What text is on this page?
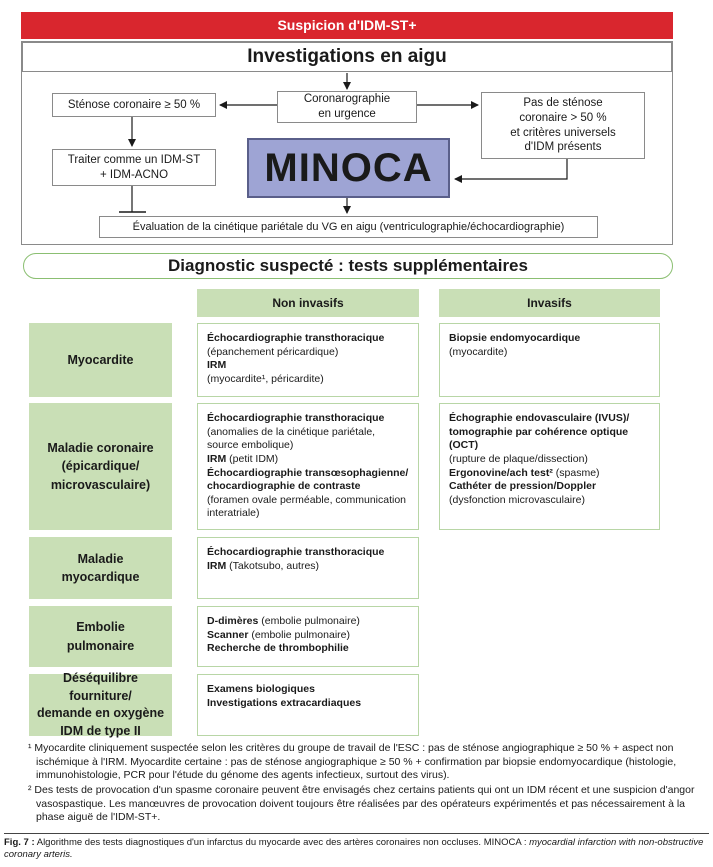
Suspicion d'IDM-ST+
Investigations en aigu
Sténose coronaire ≥ 50 %	Coronarographie
en urgence
Pas de sténose
coronaire > 50 %
et critères universels
d'IDM présents
Traiter comme un IDM-ST
+ IDM-ACNO MINOCA
Évaluation de la cinétique pariétale du VG en aigu (ventriculographie/échocardiographie)
Diagnostic suspecté : tests supplémentaires
Non invasifs	Invasifs
Myocardite
Échocardiographie transthoracique
(épanchement péricardique)
IRM
(myocardite¹, péricardite)
Biopsie endomyocardique
(myocardite)
Maladie coronaire
(épicardique/
microvasculaire)
Échocardiographie transthoracique
(anomalies de la cinétique pariétale,
source embolique)
IRM (petit IDM)
Échocardiographie transœsophagienne/
chocardiographie de contraste
(foramen ovale perméable, communication
interatriale)
Échographie endovasculaire (IVUS)/
tomographie par cohérence optique (OCT)
(rupture de plaque/dissection)
Ergonovine/ach test² (spasme)
Cathéter de pression/Doppler
(dysfonction microvasculaire)
Maladie
myocardique
Échocardiographie transthoracique
IRM (Takotsubo, autres)
Embolie
pulmonaire
D-dimères (embolie pulmonaire)
Scanner (embolie pulmonaire)
Recherche de thrombophilie
Déséquilibre fourniture/
demande en oxygène
IDM de type II
Examens biologiques
Investigations extracardiaques

¹ Myocardite cliniquement suspectée selon les critères du groupe de travail de l'ESC : pas de sténose angiographique ≥ 50 % + aspect non ischémique à l'IRM. Myocardite certaine : pas de sténose angiographique ≥ 50 % + confirmation par biopsie endomyocardique (histologie, immunohistologie, PCR pour l'étude du génome des agents infectieux, surtout des virus).

² Des tests de provocation d'un spasme coronaire peuvent être envisagés chez certains patients qui ont un IDM récent et une suspicion d'angor vasospastique. Les manœuvres de provocation doivent toujours être réalisées par des opérateurs expérimentés et pas nécessairement à la phase aiguë de l'IDM-ST+.

Fig. 7 : Algorithme des tests diagnostiques d'un infarctus du myocarde avec des artères coronaires non occluses. MINOCA : myocardial infarction with non-obstructive coronary arteris.
